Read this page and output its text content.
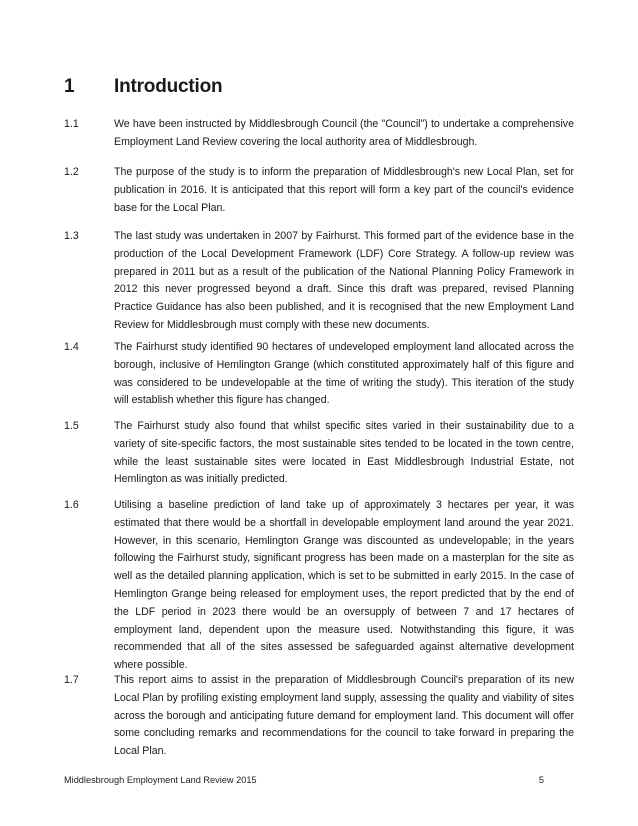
1 Introduction
1.1	We have been instructed by Middlesbrough Council (the "Council") to undertake a comprehensive Employment Land Review covering the local authority area of Middlesbrough.
1.2	The purpose of the study is to inform the preparation of Middlesbrough's new Local Plan, set for publication in 2016. It is anticipated that this report will form a key part of the council's evidence base for the Local Plan.
1.3	The last study was undertaken in 2007 by Fairhurst. This formed part of the evidence base in the production of the Local Development Framework (LDF) Core Strategy. A follow-up review was prepared in 2011 but as a result of the publication of the National Planning Policy Framework in 2012 this never progressed beyond a draft. Since this draft was prepared, revised Planning Practice Guidance has also been published, and it is recognised that the new Employment Land Review for Middlesbrough must comply with these new documents.
1.4	The Fairhurst study identified 90 hectares of undeveloped employment land allocated across the borough, inclusive of Hemlington Grange (which constituted approximately half of this figure and was considered to be undevelopable at the time of writing the study). This iteration of the study will establish whether this figure has changed.
1.5	The Fairhurst study also found that whilst specific sites varied in their sustainability due to a variety of site-specific factors, the most sustainable sites tended to be located in the town centre, while the least sustainable sites were located in East Middlesbrough Industrial Estate, not Hemlington as was initially predicted.
1.6	Utilising a baseline prediction of land take up of approximately 3 hectares per year, it was estimated that there would be a shortfall in developable employment land around the year 2021. However, in this scenario, Hemlington Grange was discounted as undevelopable; in the years following the Fairhurst study, significant progress has been made on a masterplan for the site as well as the detailed planning application, which is set to be submitted in early 2015. In the case of Hemlington Grange being released for employment uses, the report predicted that by the end of the LDF period in 2023 there would be an oversupply of between 7 and 17 hectares of employment land, dependent upon the measure used. Notwithstanding this figure, it was recommended that all of the sites assessed be safeguarded against alternative development where possible.
1.7	This report aims to assist in the preparation of Middlesbrough Council's preparation of its new Local Plan by profiling existing employment land supply, assessing the quality and viability of sites across the borough and anticipating future demand for employment land. This document will offer some concluding remarks and recommendations for the council to take forward in preparing the Local Plan.
Middlesbrough Employment Land Review 2015	5
